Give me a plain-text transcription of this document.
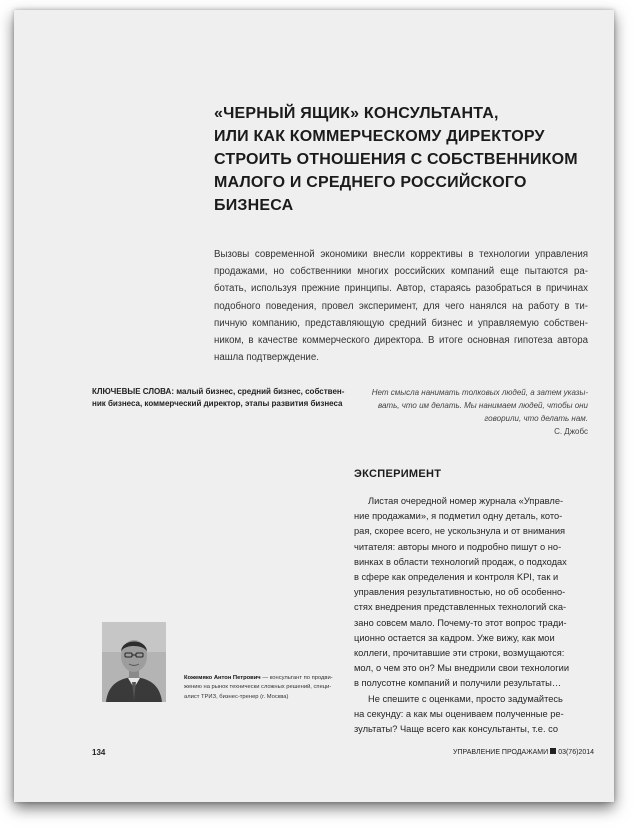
«ЧЕРНЫЙ ЯЩИК» КОНСУЛЬТАНТА,
ИЛИ КАК КОММЕРЧЕСКОМУ ДИРЕКТОРУ
СТРОИТЬ ОТНОШЕНИЯ С СОБСТВЕННИКОМ
МАЛОГО И СРЕДНЕГО РОССИЙСКОГО
БИЗНЕСА
Вызовы современной экономики внесли коррективы в технологии управления
продажами, но собственники многих российских компаний еще пытаются ра-
ботать, используя прежние принципы. Автор, стараясь разобраться в причинах
подобного поведения, провел эксперимент, для чего нанялся на работу в ти-
пичную компанию, представляющую средний бизнес и управляемую собствен-
ником, в качестве коммерческого директора. В итоге основная гипотеза автора
нашла подтверждение.
КЛЮЧЕВЫЕ СЛОВА: малый бизнес, средний бизнес, собствен-
ник бизнеса, коммерческий директор, этапы развития бизнеса
Нет смысла нанимать толковых людей, а затем указы-
вать, что им делать. Мы нанимаем людей, чтобы они
говорили, что делать нам.
С. Джобс
ЭКСПЕРИМЕНТ
Листая очередной номер журнала «Управле-
ние продажами», я подметил одну деталь, кото-
рая, скорее всего, не ускользнула и от внимания
читателя: авторы много и подробно пишут о но-
винках в области технологий продаж, о подходах
в сфере как определения и контроля KPI, так и
управления результативностью, но об особенно-
стях внедрения представленных технологий ска-
зано совсем мало. Почему-то этот вопрос тради-
ционно остается за кадром. Уже вижу, как мои
коллеги, прочитавшие эти строки, возмущаются:
мол, о чем это он? Мы внедрили свои технологии
в полусотне компаний и получили результаты…
Не спешите с оценками, просто задумайтесь
на секунду: а как мы оцениваем полученные ре-
зультаты? Чаще всего как консультанты, т.е. со
Кожемяко Антон Петрович — консультант по продви-
жению на рынок технически сложных решений, специ-
алист ТРИЗ, бизнес-тренер (г. Москва)
134	УПРАВЛЕНИЕ ПРОДАЖАМИ 03(76)2014
